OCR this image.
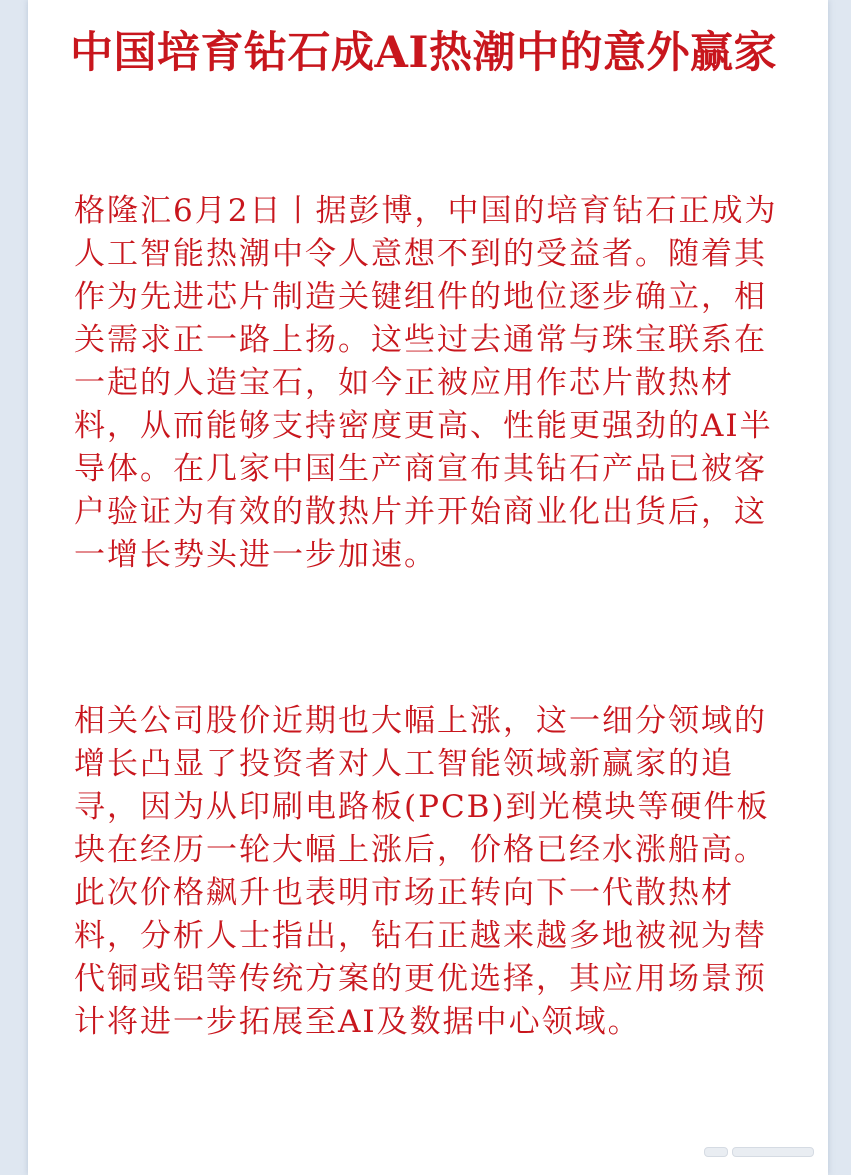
中国培育钻石成AI热潮中的意外赢家

格隆汇6月2日丨据彭博，中国的培育钻石正成为人工智能热潮中令人意想不到的受益者。随着其作为先进芯片制造关键组件的地位逐步确立，相关需求正一路上扬。这些过去通常与珠宝联系在一起的人造宝石，如今正被应用作芯片散热材料，从而能够支持密度更高、性能更强劲的AI半导体。在几家中国生产商宣布其钻石产品已被客户验证为有效的散热片并开始商业化出货后，这一增长势头进一步加速。

相关公司股价近期也大幅上涨，这一细分领域的增长凸显了投资者对人工智能领域新赢家的追寻，因为从印刷电路板(PCB)到光模块等硬件板块在经历一轮大幅上涨后，价格已经水涨船高。此次价格飙升也表明市场正转向下一代散热材料，分析人士指出，钻石正越来越多地被视为替代铜或铝等传统方案的更优选择，其应用场景预计将进一步拓展至AI及数据中心领域。
